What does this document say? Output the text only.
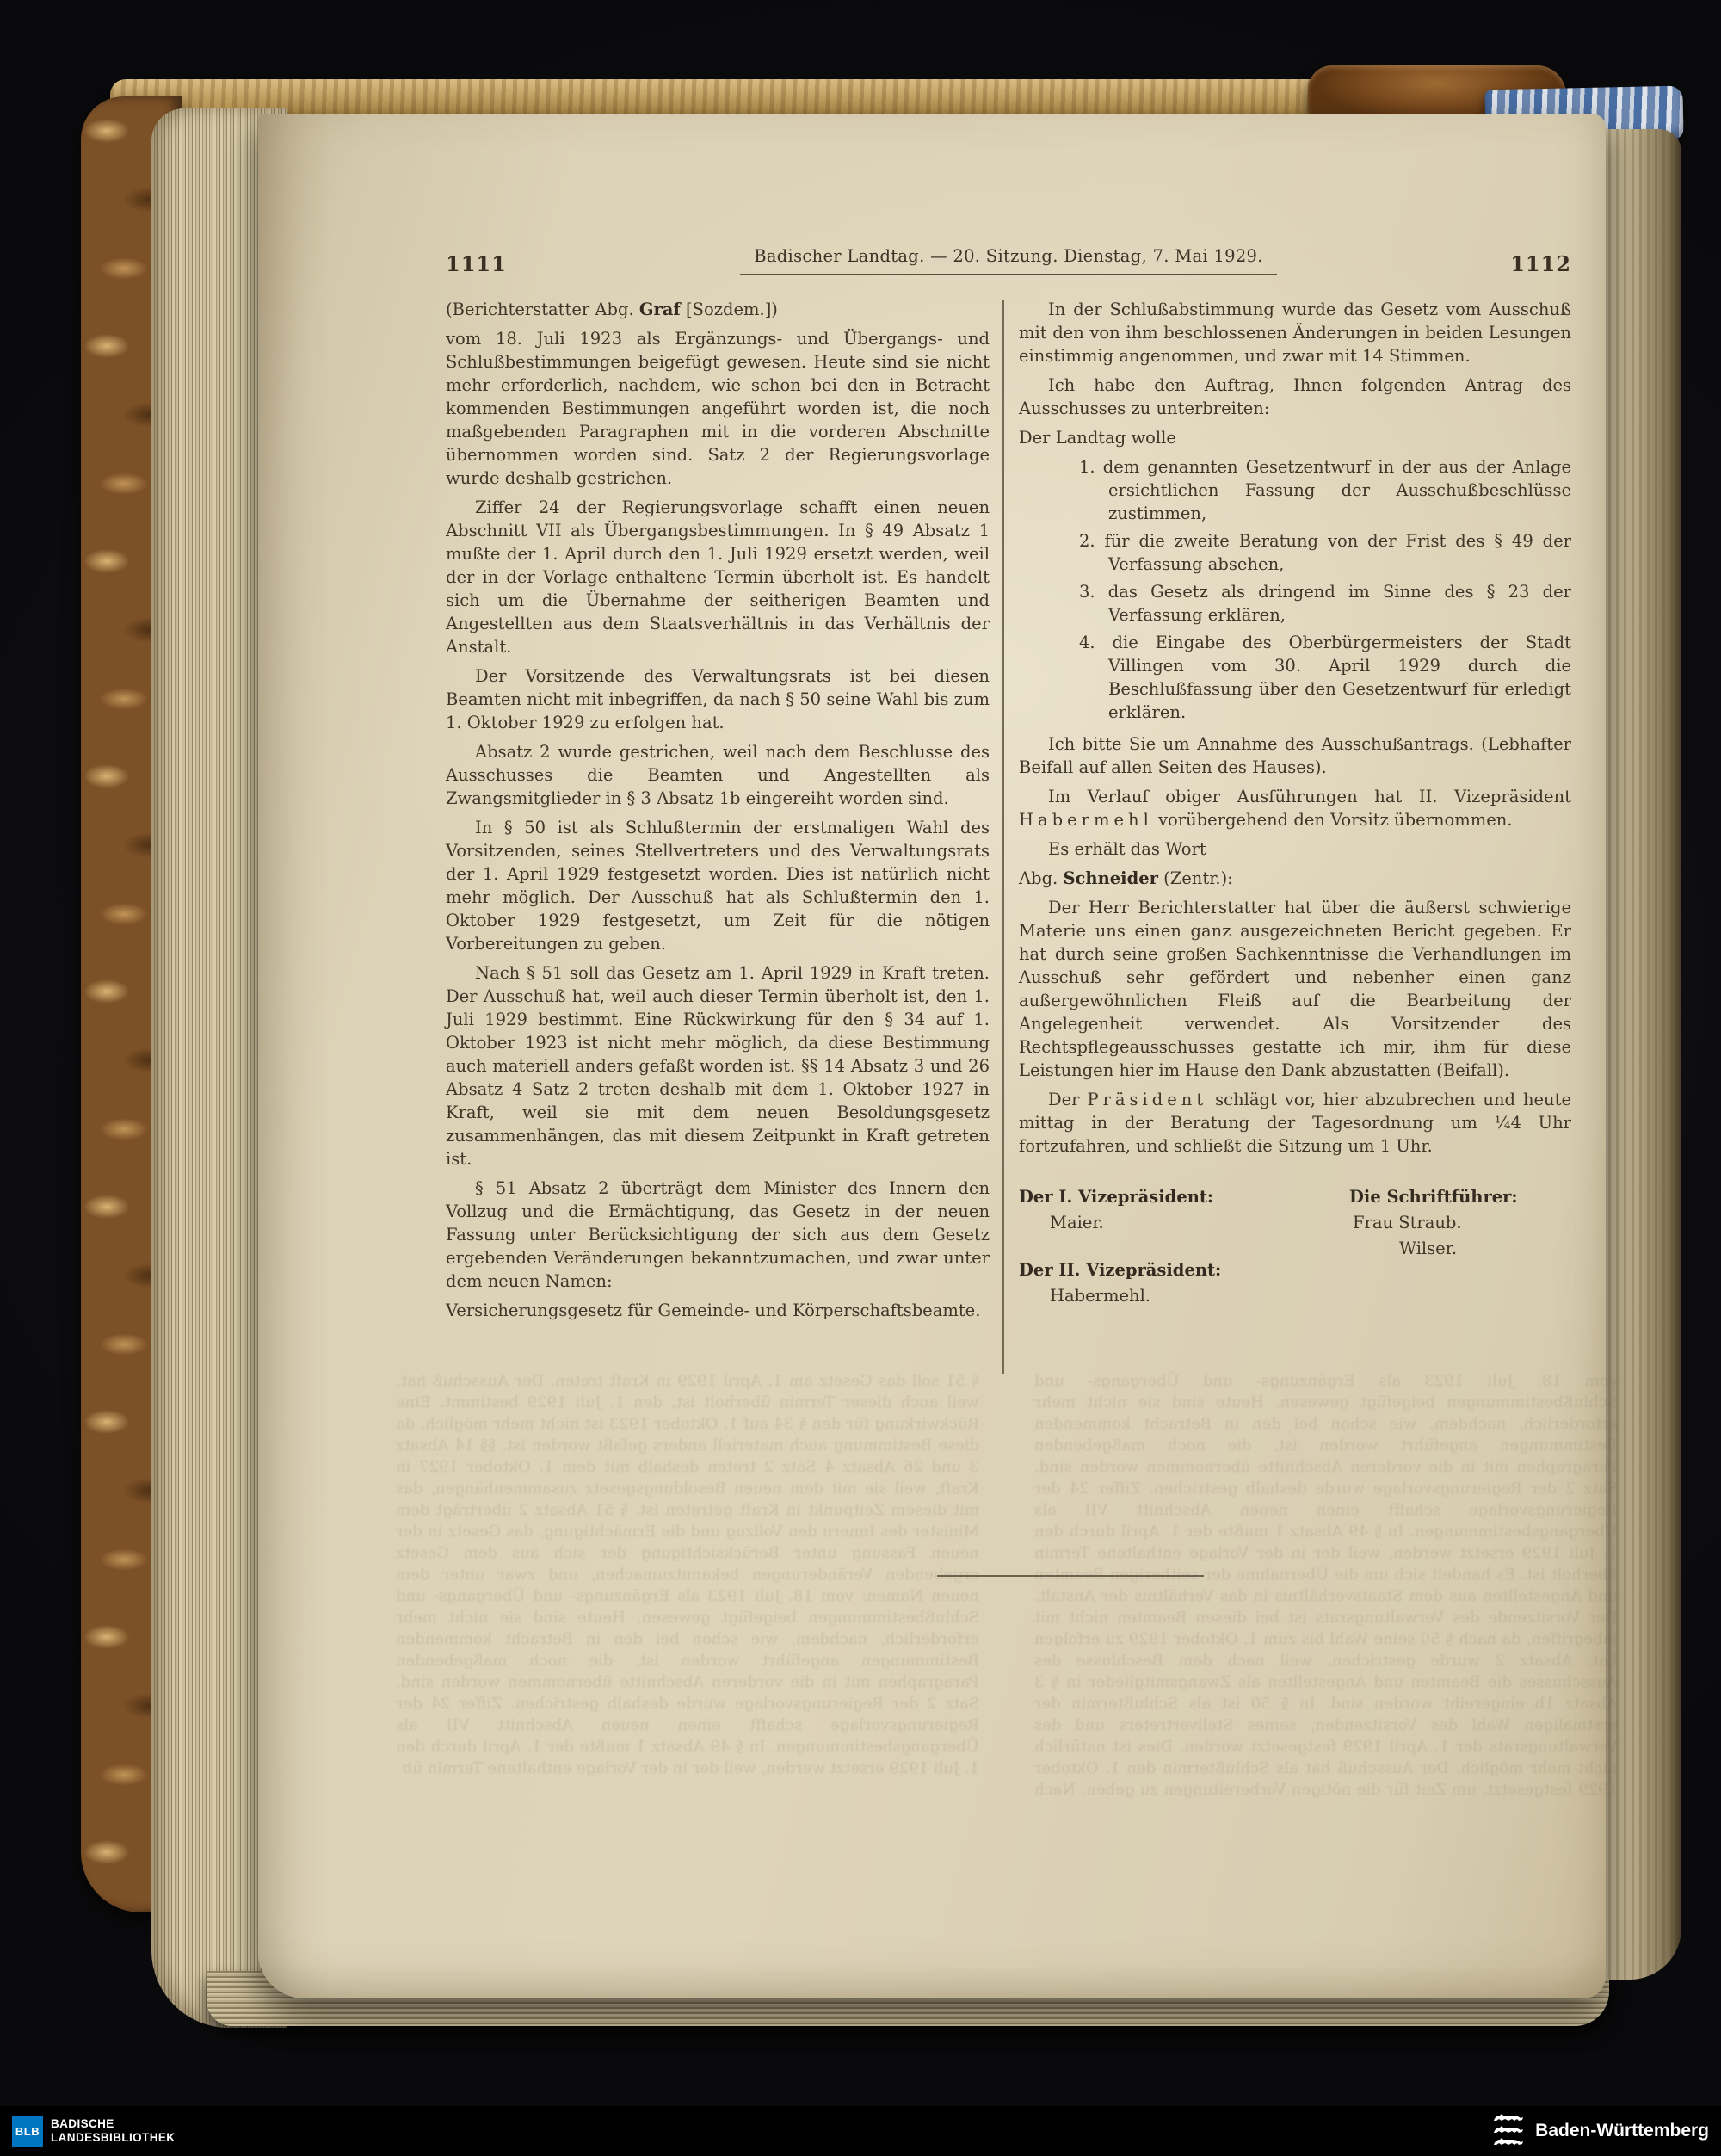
vom 18. Juli 1923 als Ergänzungs- und Übergangs- und Schlußbestimmungen beigefügt gewesen. Heute sind sie nicht mehr erforderlich, nachdem, wie schon bei den in Betracht kommenden Bestimmungen angeführt worden ist, die noch maßgebenden Paragraphen mit in die vorderen Abschnitte übernommen worden sind. Satz 2 der Regierungsvorlage wurde deshalb gestrichen. Ziffer 24 der Regierungsvorlage schafft einen neuen Abschnitt VII als Übergangsbestimmungen. In § 49 Absatz 1 mußte der 1. April durch den 1. Juli 1929 ersetzt werden, weil der in der Vorlage enthaltene Termin überholt ist. Es handelt sich um die Übernahme der seitherigen Beamten und Angestellten aus dem Staatsverhältnis in das Verhältnis der Anstalt. Der Vorsitzende des Verwaltungsrats ist bei diesen Beamten nicht mit inbegriffen, da nach § 50 seine Wahl bis zum 1. Oktober 1929 zu erfolgen hat. Absatz 2 wurde gestrichen, weil nach dem Beschlusse des Ausschusses die Beamten und Angestellten als Zwangsmitglieder in § 3 Absatz 1b eingereiht worden sind. In § 50 ist als Schlußtermin der erstmaligen Wahl des Vorsitzenden, seines Stellvertreters und des Verwaltungsrats der 1. April 1929 festgesetzt worden. Dies ist natürlich nicht mehr möglich. Der Ausschuß hat als Schlußtermin den 1. Oktober 1929 festgesetzt, um Zeit für die nötigen Vorbereitungen zu geben. Nach § 51 soll das Gesetz am 1. April 1929 in Kraft treten. Der Ausschuß hat, weil auch dieser Termin überholt ist, den 1. Juli 1929 bestimmt. Eine Rückwirkung für den § 34 auf 1. Oktober 1923 ist nicht mehr möglich, da diese Bestimmung auch materiell anders gefaßt worden ist. §§ 14 Absatz 3 und 26 Absatz 4 Satz 2 treten deshalb mit dem 1. Oktober 1927 in Kraft, weil sie mit dem neuen Besoldungsgesetz zusammenhängen, das mit diesem Zeitpunkt in Kraft getreten ist. § 51 Absatz 2 überträgt dem Minister des Innern den Vollzug und die Ermächtigung, das Gesetz in der neuen Fassung unter Berücksichtigung der sich aus dem Gesetz ergebenden Veränderungen bekanntzumachen, und zwar unter dem neuen Namen: vom 18. Juli 1923 als Ergänzungs- und Übergangs- und Schlußbestimmungen beigefügt gewesen. Heute sind sie nicht mehr erforderlich, nachdem, wie schon bei den in Betracht kommenden Bestimmungen angeführt worden ist, die noch maßgebenden Paragraphen mit in die vorderen Abschnitte übernommen worden sind. Satz 2 der Regierungsvorlage wurde deshalb gestrichen. Ziffer 24 der Regierungsvorlage schafft einen neuen Abschnitt VII als Übergangsbestimmungen. In § 49 Absatz 1 mußte der 1. April durch den 1. Juli 1929 ersetzt werden, weil der in der Vorlage enthaltene Termin üb
1111	Badischer Landtag. — 20. Sitzung. Dienstag, 7. Mai 1929.	1112

(Berichterstatter Abg. Graf [Sozdem.])

vom 18. Juli 1923 als Ergänzungs- und Übergangs- und Schlußbestimmungen beigefügt gewesen. Heute sind sie nicht mehr erforderlich, nachdem, wie schon bei den in Betracht kommenden Bestimmungen angeführt worden ist, die noch maßgebenden Paragraphen mit in die vorderen Abschnitte übernommen worden sind. Satz 2 der Regierungsvorlage wurde deshalb gestrichen.

Ziffer 24 der Regierungsvorlage schafft einen neuen Abschnitt VII als Übergangsbestimmungen. In § 49 Absatz 1 mußte der 1. April durch den 1. Juli 1929 ersetzt werden, weil der in der Vorlage enthaltene Termin überholt ist. Es handelt sich um die Übernahme der seitherigen Beamten und Angestellten aus dem Staatsverhältnis in das Verhältnis der Anstalt.

Der Vorsitzende des Verwaltungsrats ist bei diesen Beamten nicht mit inbegriffen, da nach § 50 seine Wahl bis zum 1. Oktober 1929 zu erfolgen hat.

Absatz 2 wurde gestrichen, weil nach dem Beschlusse des Ausschusses die Beamten und Angestellten als Zwangsmitglieder in § 3 Absatz 1b eingereiht worden sind.

In § 50 ist als Schlußtermin der erstmaligen Wahl des Vorsitzenden, seines Stellvertreters und des Verwaltungsrats der 1. April 1929 festgesetzt worden. Dies ist natürlich nicht mehr möglich. Der Ausschuß hat als Schlußtermin den 1. Oktober 1929 festgesetzt, um Zeit für die nötigen Vorbereitungen zu geben.

Nach § 51 soll das Gesetz am 1. April 1929 in Kraft treten. Der Ausschuß hat, weil auch dieser Termin überholt ist, den 1. Juli 1929 bestimmt. Eine Rückwirkung für den § 34 auf 1. Oktober 1923 ist nicht mehr möglich, da diese Bestimmung auch materiell anders gefaßt worden ist. §§ 14 Absatz 3 und 26 Absatz 4 Satz 2 treten deshalb mit dem 1. Oktober 1927 in Kraft, weil sie mit dem neuen Besoldungsgesetz zusammenhängen, das mit diesem Zeitpunkt in Kraft getreten ist.

§ 51 Absatz 2 überträgt dem Minister des Innern den Vollzug und die Ermächtigung, das Gesetz in der neuen Fassung unter Berücksichtigung der sich aus dem Gesetz ergebenden Veränderungen bekanntzumachen, und zwar unter dem neuen Namen:

Versicherungsgesetz für Gemeinde- und Körperschaftsbeamte.

In der Schlußabstimmung wurde das Gesetz vom Ausschuß mit den von ihm beschlossenen Änderungen in beiden Lesungen einstimmig angenommen, und zwar mit 14 Stimmen.

Ich habe den Auftrag, Ihnen folgenden Antrag des Ausschusses zu unterbreiten:

Der Landtag wolle

1. dem genannten Gesetzentwurf in der aus der Anlage ersichtlichen Fassung der Ausschußbeschlüsse zustimmen,
2. für die zweite Beratung von der Frist des § 49 der Verfassung absehen,
3. das Gesetz als dringend im Sinne des § 23 der Verfassung erklären,
4. die Eingabe des Oberbürgermeisters der Stadt Villingen vom 30. April 1929 durch die Beschlußfassung über den Gesetzentwurf für erledigt erklären.

Ich bitte Sie um Annahme des Ausschußantrags. (Lebhafter Beifall auf allen Seiten des Hauses).

Im Verlauf obiger Ausführungen hat II. Vizepräsident Habermehl vorübergehend den Vorsitz übernommen.

Es erhält das Wort

Abg. Schneider (Zentr.):

Der Herr Berichterstatter hat über die äußerst schwierige Materie uns einen ganz ausgezeichneten Bericht gegeben. Er hat durch seine großen Sachkenntnisse die Verhandlungen im Ausschuß sehr gefördert und nebenher einen ganz außergewöhnlichen Fleiß auf die Bearbeitung der Angelegenheit verwendet. Als Vorsitzender des Rechtspflegeausschusses gestatte ich mir, ihm für diese Leistungen hier im Hause den Dank abzustatten (Beifall).

Der Präsident schlägt vor, hier abzubrechen und heute mittag in der Beratung der Tagesordnung um ¼4 Uhr fortzufahren, und schließt die Sitzung um 1 Uhr.

Der I. Vizepräsident:

Maier.

Der II. Vizepräsident:

Habermehl.

Die Schriftführer:

Frau Straub.

Wilser.

BLB
BADISCHE
LANDESBIBLIOTHEK	Baden-Württemberg
